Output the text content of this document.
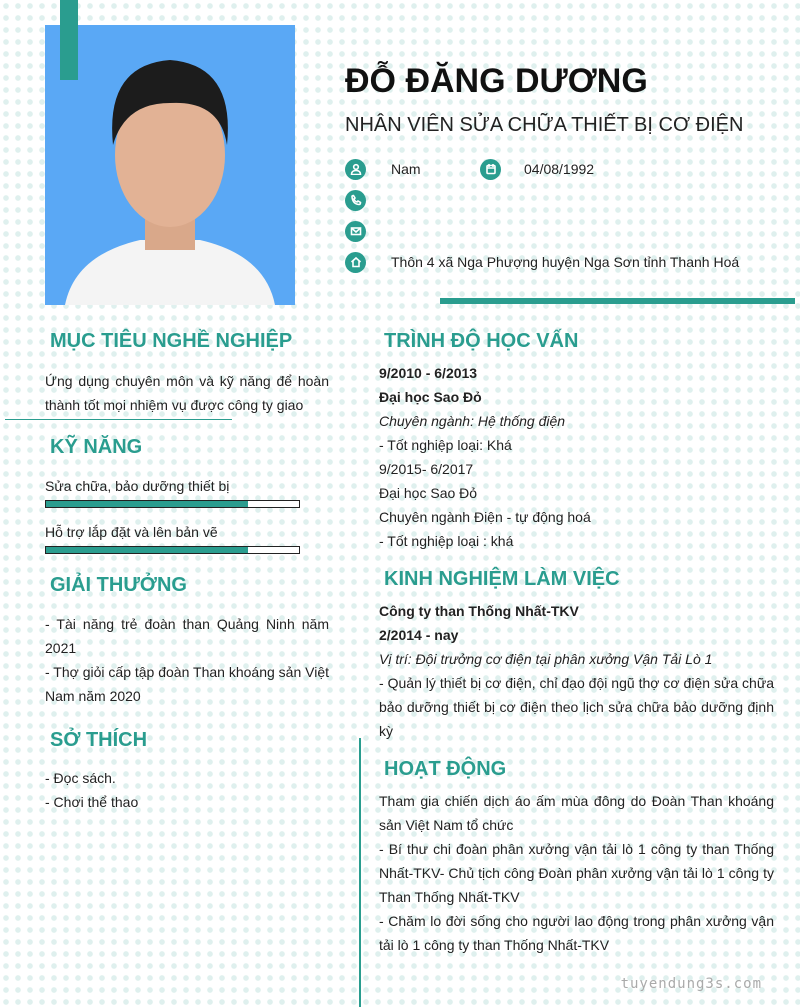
ĐỖ ĐĂNG DƯƠNG
NHÂN VIÊN SỬA CHỮA THIẾT BỊ CƠ ĐIỆN
Nam	04/08/1992
Thôn 4 xã Nga Phượng huyện Nga Sơn tỉnh Thanh Hoá
MỤC TIÊU NGHỀ NGHIỆP
Ứng dụng chuyên môn và kỹ năng để hoàn thành tốt mọi nhiệm vụ được công ty giao
KỸ NĂNG
Sửa chữa, bảo dưỡng thiết bị
Hỗ trợ lắp đặt và lên bản vẽ
GIẢI THƯỞNG
- Tài năng trẻ đoàn than Quảng Ninh năm 2021
- Thợ giỏi cấp tập đoàn Than khoáng sản Việt Nam năm 2020
SỞ THÍCH
- Đọc sách.
- Chơi thể thao
TRÌNH ĐỘ HỌC VẤN
9/2010 - 6/2013
Đại học Sao Đỏ
Chuyên ngành: Hệ thống điện
- Tốt nghiệp loại: Khá
9/2015- 6/2017
Đại học Sao Đỏ
Chuyên ngành Điện - tự động hoá
- Tốt nghiệp loại : khá
KINH NGHIỆM LÀM VIỆC
Công ty than Thống Nhất-TKV
2/2014 - nay
Vị trí: Đội trưởng cơ điện tại phân xưởng Vận Tải Lò 1
- Quản lý thiết bị cơ điện, chỉ đạo đội ngũ thợ cơ điện sửa chữa bảo dưỡng thiết bị cơ điện theo lịch sửa chữa bảo dưỡng định kỳ
HOẠT ĐỘNG
Tham gia chiến dịch áo ấm mùa đông do Đoàn Than khoáng sản Việt Nam tổ chức
- Bí thư chi đoàn phân xưởng vận tải lò 1 công ty than Thống Nhất-TKV- Chủ tịch công Đoàn phân xưởng vận tải lò 1 công ty Than Thống Nhất-TKV
- Chăm lo đời sống cho người lao động trong phân xưởng vận tải lò 1 công ty than Thống Nhất-TKV
tuyendung3s.com
